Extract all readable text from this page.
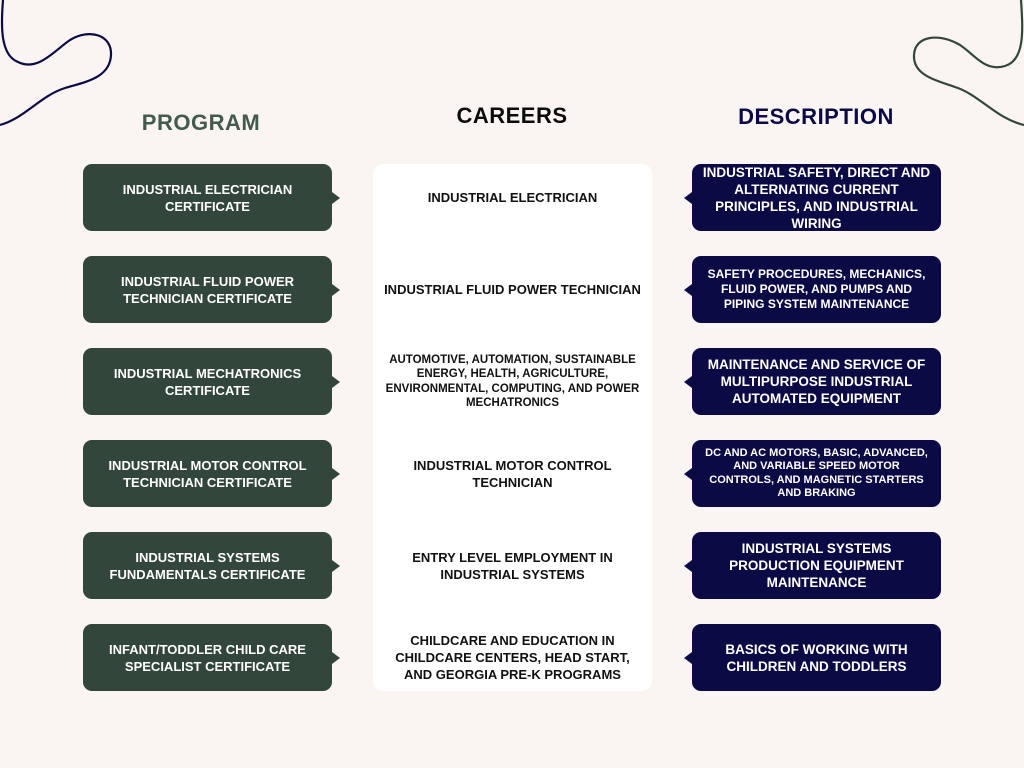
PROGRAM	CAREERS	DESCRIPTION
INDUSTRIAL ELECTRICIAN CERTIFICATE
INDUSTRIAL ELECTRICIAN
INDUSTRIAL SAFETY, DIRECT AND ALTERNATING CURRENT PRINCIPLES, AND INDUSTRIAL WIRING
INDUSTRIAL FLUID POWER TECHNICIAN CERTIFICATE
INDUSTRIAL FLUID POWER TECHNICIAN
SAFETY PROCEDURES, MECHANICS, FLUID POWER, AND PUMPS AND PIPING SYSTEM MAINTENANCE
INDUSTRIAL MECHATRONICS CERTIFICATE
AUTOMOTIVE, AUTOMATION, SUSTAINABLE ENERGY, HEALTH, AGRICULTURE, ENVIRONMENTAL, COMPUTING, AND POWER MECHATRONICS
MAINTENANCE AND SERVICE OF MULTIPURPOSE INDUSTRIAL AUTOMATED EQUIPMENT
INDUSTRIAL MOTOR CONTROL TECHNICIAN CERTIFICATE
INDUSTRIAL MOTOR CONTROL TECHNICIAN
DC AND AC MOTORS, BASIC, ADVANCED, AND VARIABLE SPEED MOTOR CONTROLS, AND MAGNETIC STARTERS AND BRAKING
INDUSTRIAL SYSTEMS FUNDAMENTALS CERTIFICATE
ENTRY LEVEL EMPLOYMENT IN INDUSTRIAL SYSTEMS
INDUSTRIAL SYSTEMS PRODUCTION EQUIPMENT MAINTENANCE
INFANT/TODDLER CHILD CARE SPECIALIST CERTIFICATE
CHILDCARE AND EDUCATION IN CHILDCARE CENTERS, HEAD START, AND GEORGIA PRE-K PROGRAMS
BASICS OF WORKING WITH CHILDREN AND TODDLERS
